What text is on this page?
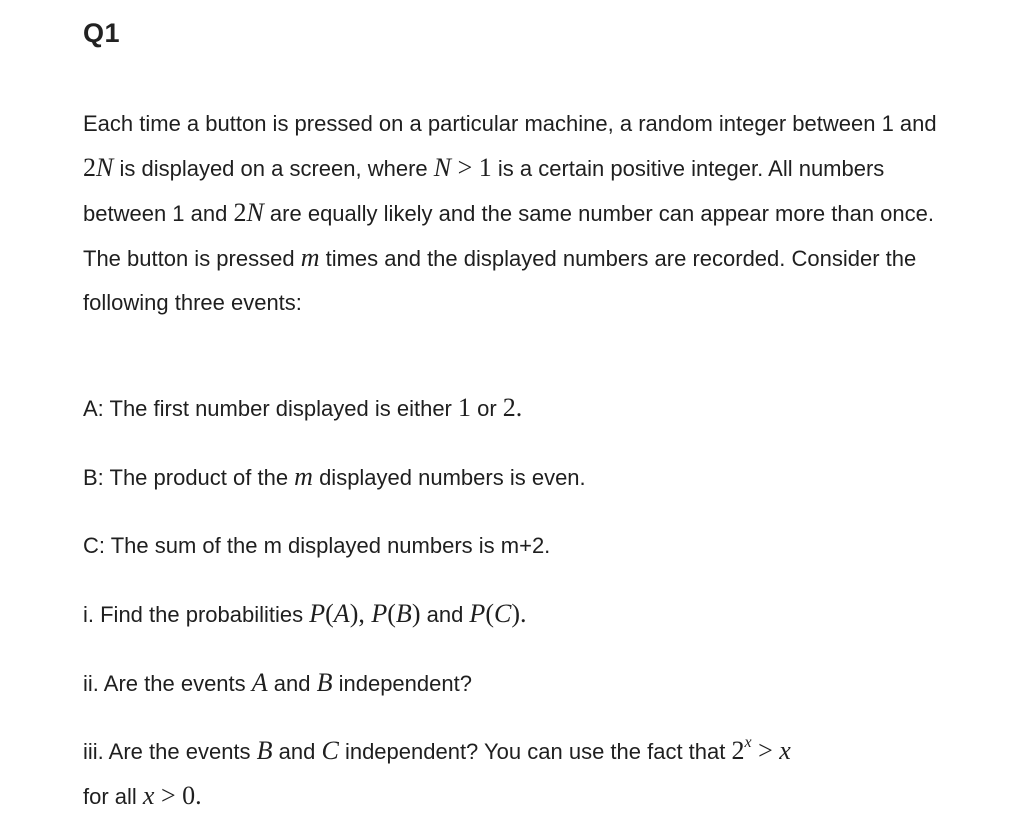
Q1
Each time a button is pressed on a particular machine, a random integer between 1 and 2N is displayed on a screen, where N > 1 is a certain positive integer. All numbers between 1 and 2N are equally likely and the same number can appear more than once. The button is pressed m times and the displayed numbers are recorded. Consider the following three events:
A: The first number displayed is either 1 or 2.
B: The product of the m displayed numbers is even.
C: The sum of the m displayed numbers is m+2.
i. Find the probabilities P(A), P(B) and P(C).
ii. Are the events A and B independent?
iii. Are the events B and C independent? You can use the fact that $2^x > x$
for all x > 0.
